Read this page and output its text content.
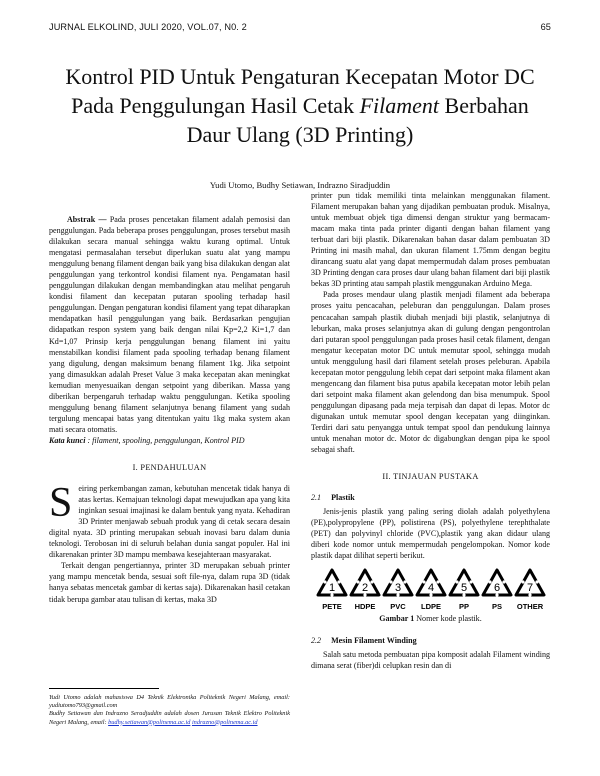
JURNAL ELKOLIND, JULI 2020, VOL.07, N0. 2	65
Kontrol PID Untuk Pengaturan Kecepatan Motor DC
Pada Penggulungan Hasil Cetak Filament Berbahan
Daur Ulang (3D Printing)
Yudi Utomo, Budhy Setiawan, Indrazno Siradjuddin

Abstrak — Pada proses pencetakan filament adalah pemosisi dan penggulungan. Pada beberapa proses penggulungan, proses tersebut masih dilakukan secara manual sehingga waktu kurang optimal. Untuk mengatasi permasalahan tersebut diperlukan suatu alat yang mampu menggulung benang filament dengan baik yang bisa dilakukan dengan alat penggulungan yang terkontrol kondisi filament nya. Pengamatan hasil penggulungan dilakukan dengan membandingkan atau melihat pengaruh kondisi filament dan kecepatan putaran spooling terhadap hasil penggulungan. Dengan pengaturan kondisi filament yang tepat diharapkan mendapatkan hasil penggulungan yang baik. Berdasarkan pengujian didapatkan respon system yang baik dengan nilai Kp=2,2 Ki=1,7 dan Kd=1,07 Prinsip kerja penggulungan benang filament ini yaitu menstabilkan kondisi filament pada spooling terhadap benang filament yang digulung, dengan maksimum benang filament 1kg. Jika setpoint yang dimasukkan adalah Preset Value 3 maka kecepatan akan meningkat kemudian menyesuaikan dengan setpoint yang diberikan. Massa yang diberikan berpengaruh terhadap waktu penggulungan. Ketika spooling menggulung benang filament selanjutnya benang filament yang sudah tergulung mencapai batas yang ditentukan yaitu 1kg maka system akan mati secara otomatis.

Kata kunci : filament, spooling, penggulungan, Kontrol PID

I. PENDAHULUAN

Seiring perkembangan zaman, kebutuhan mencetak tidak hanya di atas kertas. Kemajuan teknologi dapat mewujudkan apa yang kita inginkan sesuai imajinasi ke dalam bentuk yang nyata. Kehadiran 3D Printer menjawab sebuah produk yang di cetak secara desain digital nyata. 3D printing merupakan sebuah inovasi baru dalam dunia teknologi. Terobosan ini di seluruh belahan dunia sangat populer. Hal ini dikarenakan printer 3D mampu membawa kesejahteraan masyarakat.

Terkait dengan pengertiannya, printer 3D merupakan sebuah printer yang mampu mencetak benda, sesuai soft file-nya, dalam rupa 3D (tidak hanya sebatas mencetak gambar di kertas saja). Dikarenakan hasil cetakan tidak berupa gambar atau tulisan di kertas, maka 3D

Yudi Utomo adalah mahasiswa D4 Teknik Elektronika Politeknik Negeri Malang, email: yudiutomo793@gmail.com
Budhy Setiawan dan Indrazno Seradjuddin adalah dosen Jurusan Teknik Elektro Politeknik Negeri Malang, email: budhy.setiawan@polinema.ac.id indrazno@polinema.ac.id

printer pun tidak memiliki tinta melainkan menggunakan filament. Filament merupakan bahan yang dijadikan pembuatan produk. Misalnya, untuk membuat objek tiga dimensi dengan struktur yang bermacam-macam maka tinta pada printer diganti dengan bahan filament yang terbuat dari biji plastik. Dikarenakan bahan dasar dalam pembuatan 3D Printing ini masih mahal, dan ukuran filament 1.75mm dengan begitu dirancang suatu alat yang dapat mempermudah dalam proses pembuatan 3D Printing dengan cara proses daur ulang bahan filament dari biji plastik bekas 3D printing atau sampah plastik menggunakan Arduino Mega.

Pada proses mendaur ulang plastik menjadi filament ada beberapa proses yaitu pencacahan, peleburan dan penggulungan. Dalam proses pencacahan sampah plastik diubah menjadi biji plastik, selanjutnya di leburkan, maka proses selanjutnya akan di gulung dengan pengontrolan dari putaran spool penggulungan pada proses hasil cetak filament, dengan mengatur kecepatan motor DC untuk memutar spool, sehingga mudah untuk menggulung hasil dari filament setelah proses peleburan. Apabila kecepatan motor penggulung lebih cepat dari setpoint maka filament akan mengencang dan filament bisa putus apabila kecepatan motor lebih pelan dari setpoint maka filament akan gelendong dan bisa menumpuk. Spool penggulungan dipasang pada meja terpisah dan dapat di lepas. Motor dc digunakan untuk memutar spool dengan kecepatan yang diinginkan. Terdiri dari satu penyangga untuk tempat spool dan pendukung lainnya untuk menahan motor dc. Motor dc digabungkan dengan pipa ke spool sebagai shaft.

II. TINJAUAN PUSTAKA
2.1 Plastik

Jenis-jenis plastik yang paling sering diolah adalah polyethylena (PE),polypropylene (PP), polistirena (PS), polyethylene terephthalate (PET) dan polyvinyl chloride (PVC),plastik yang akan didaur ulang diberi kode nomor untuk mempermudah pengelompokan. Nomor kode plastik dapat dilihat seperti berikut.

1
PETE
2
HDPE
3
PVC
4
LDPE
5
PP
6
PS
7
OTHER

Gambar 1 Nomer kode plastik.

2.2 Mesin Filament Winding

Salah satu metoda pembuatan pipa komposit adalah Filament winding dimana serat (fiber)di celupkan resin dan di
